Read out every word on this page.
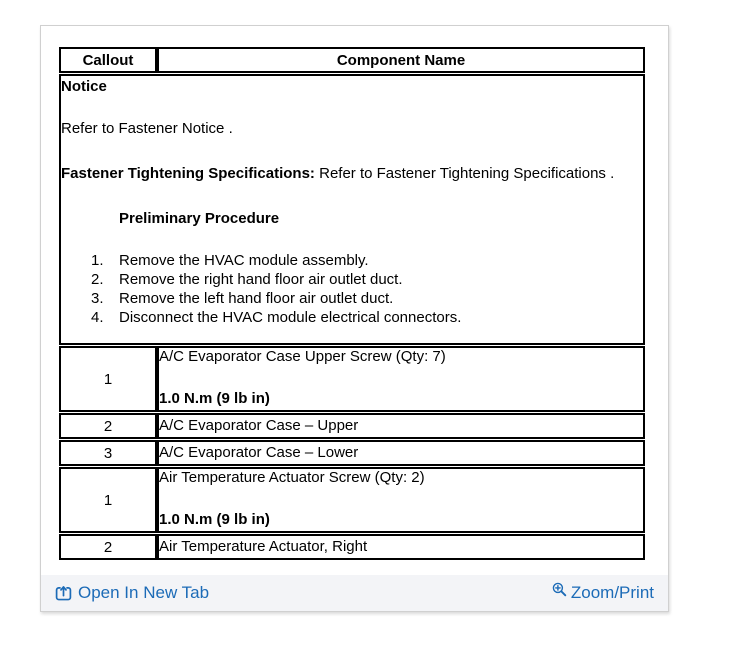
Callout	Component Name

Notice
Refer to Fastener Notice .
Fastener Tightening Specifications: Refer to Fastener Tightening Specifications .
Preliminary Procedure
1.	Remove the HVAC module assembly.
2.	Remove the right hand floor air outlet duct.
3.	Remove the left hand floor air outlet duct.
4.	Disconnect the HVAC module electrical connectors.

1	A/C Evaporator Case Upper Screw (Qty: 7)
1.0 N.m (9 lb in)

2	A/C Evaporator Case – Upper
3	A/C Evaporator Case – Lower
1	Air Temperature Actuator Screw (Qty: 2)
1.0 N.m (9 lb in)

2	Air Temperature Actuator, Right
Open In New Tab	Zoom/Print
